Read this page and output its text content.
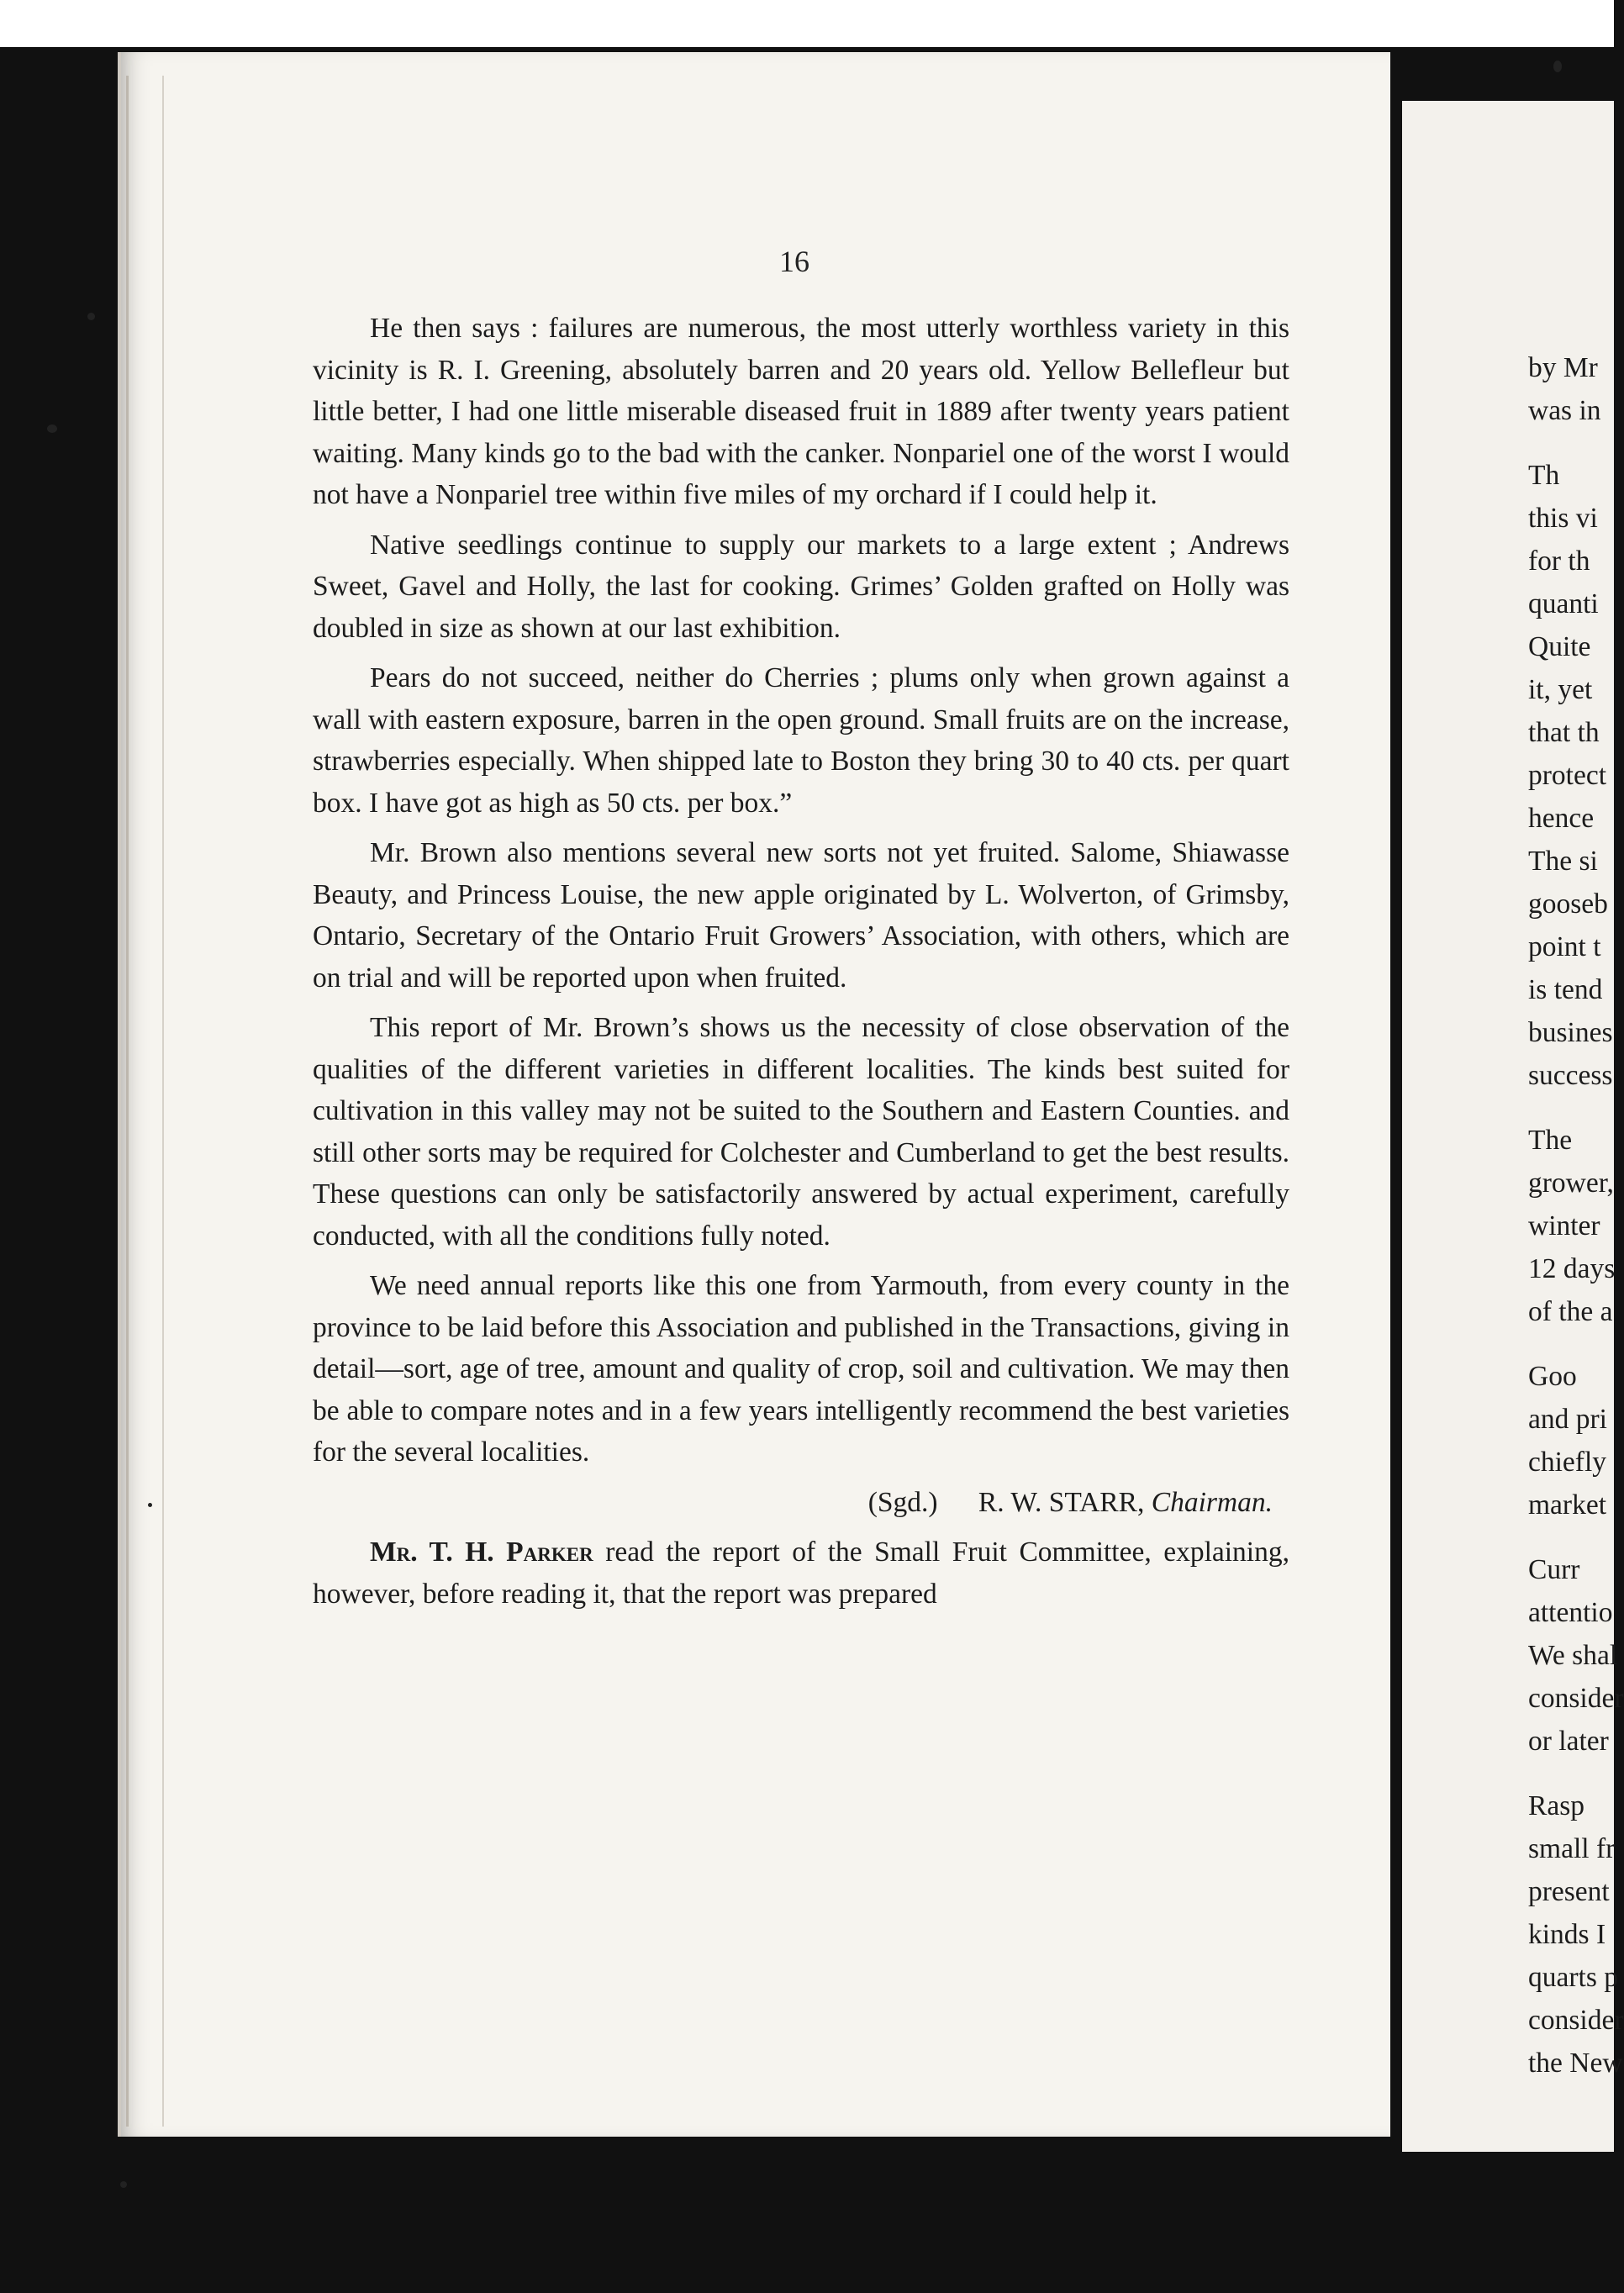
16

He then says : failures are numerous, the most utterly worthless variety in this vicinity is R. I. Greening, absolutely barren and 20 years old. Yellow Bellefleur but little better, I had one little miserable diseased fruit in 1889 after twenty years patient waiting. Many kinds go to the bad with the canker. Nonpariel one of the worst I would not have a Nonpariel tree within five miles of my orchard if I could help it.

Native seedlings continue to supply our markets to a large extent ; Andrews Sweet, Gavel and Holly, the last for cooking. Grimes’ Golden grafted on Holly was doubled in size as shown at our last exhibition.

Pears do not succeed, neither do Cherries ; plums only when grown against a wall with eastern exposure, barren in the open ground. Small fruits are on the increase, strawberries especially. When shipped late to Boston they bring 30 to 40 cts. per quart box. I have got as high as 50 cts. per box.”

Mr. Brown also mentions several new sorts not yet fruited. Salome, Shiawasse Beauty, and Princess Louise, the new apple originated by L. Wolverton, of Grimsby, Ontario, Secretary of the Ontario Fruit Growers’ Association, with others, which are on trial and will be reported upon when fruited.

This report of Mr. Brown’s shows us the necessity of close observation of the qualities of the different varieties in different localities. The kinds best suited for cultivation in this valley may not be suited to the Southern and Eastern Counties. and still other sorts may be required for Colchester and Cumberland to get the best results. These questions can only be satisfactorily answered by actual experiment, carefully conducted, with all the conditions fully noted.

We need annual reports like this one from Yarmouth, from every county in the province to be laid before this Association and published in the Transactions, giving in detail—sort, age of tree, amount and quality of crop, soil and cultivation. We may then be able to compare notes and in a few years intelligently recommend the best varieties for the several localities.

(Sgd.) R. W. STARR, Chairman.

Mr. T. H. Parker read the report of the Small Fruit Committee, explaining, however, before reading it, that the report was prepared

by Mr
was in
Th
this vi
for th
quanti
Quite
it, yet
that th
protect
hence
The si
gooseb
point t
is tend
busines
success
The
grower,
winter
12 days
of the a
Goo
and pri
chiefly
market
Curr
attentio
We shal
consider
or later
Rasp
small fr
present
kinds I
quarts p
consider
the New
